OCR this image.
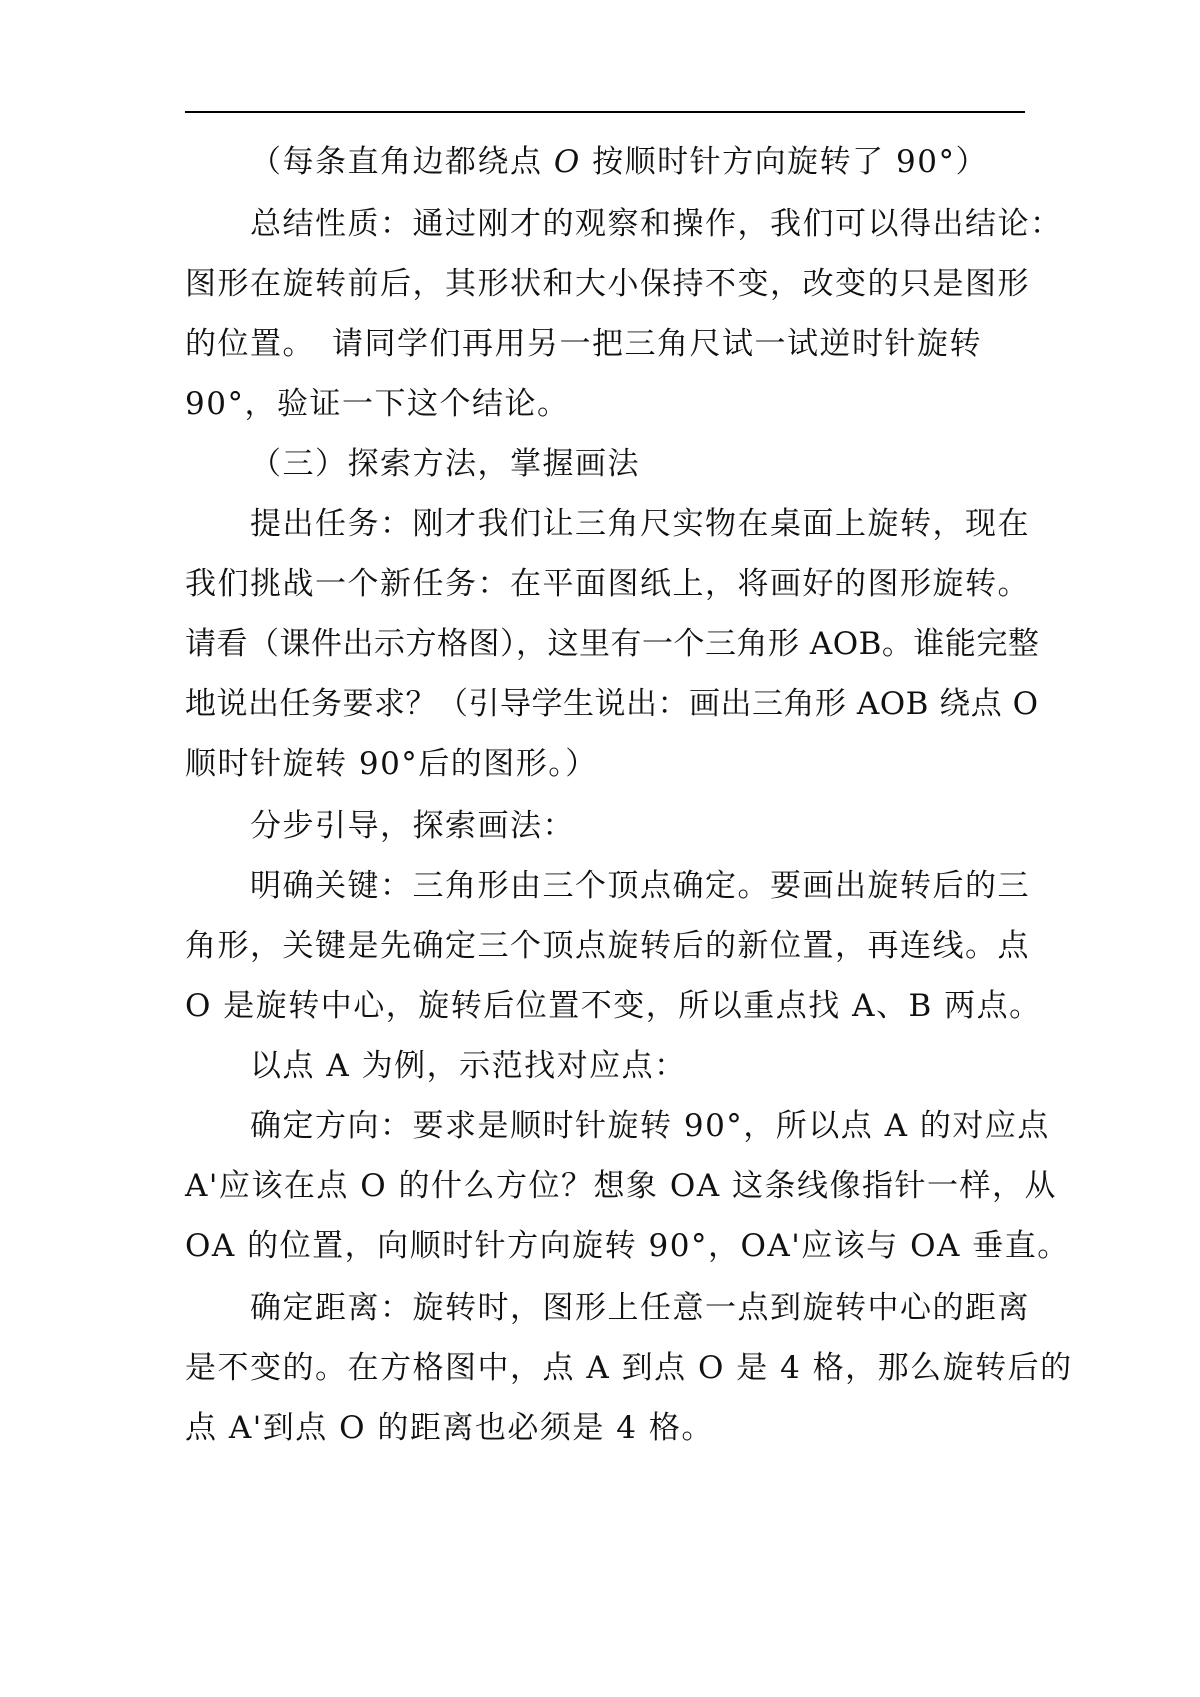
（每条直角边都绕点 O 按顺时针方向旋转了 90°）
总结性质：通过刚才的观察和操作，我们可以得出结论：
图形在旋转前后，其形状和大小保持不变，改变的只是图形
的位置。　请同学们再用另一把三角尺试一试逆时针旋转
90°，验证一下这个结论。
（三）探索方法，掌握画法
提出任务：刚才我们让三角尺实物在桌面上旋转，现在
我们挑战一个新任务：在平面图纸上，将画好的图形旋转。
请看（课件出示方格图），这里有一个三角形 AOB。谁能完整
地说出任务要求？（引导学生说出：画出三角形 AOB 绕点 O
顺时针旋转 90°后的图形。）
分步引导，探索画法：
明确关键：三角形由三个顶点确定。要画出旋转后的三
角形，关键是先确定三个顶点旋转后的新位置，再连线。点
O 是旋转中心，旋转后位置不变，所以重点找 A、B 两点。
以点 A 为例，示范找对应点：
确定方向：要求是顺时针旋转 90°，所以点 A 的对应点
A'应该在点 O 的什么方位？想象 OA 这条线像指针一样，从
OA 的位置，向顺时针方向旋转 90°，OA'应该与 OA 垂直。
确定距离：旋转时，图形上任意一点到旋转中心的距离
是不变的。在方格图中，点 A 到点 O 是 4 格，那么旋转后的
点 A'到点 O 的距离也必须是 4 格。
